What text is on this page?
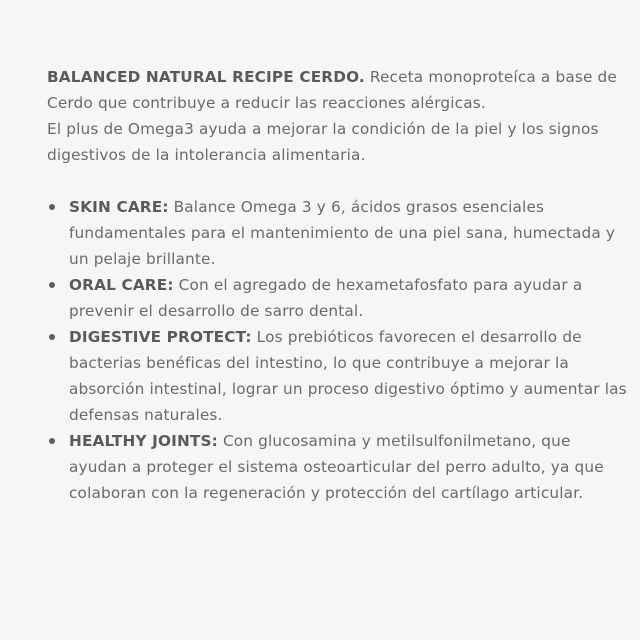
BALANCED NATURAL RECIPE CERDO. Receta monoproteíca a base de Cerdo que contribuye a reducir las reacciones alérgicas.

El plus de Omega3 ayuda a mejorar la condición de la piel y los signos digestivos de la intolerancia alimentaria.

SKIN CARE: Balance Omega 3 y 6, ácidos grasos esenciales fundamentales para el mantenimiento de una piel sana, humectada y un pelaje brillante.
ORAL CARE: Con el agregado de hexametafosfato para ayudar a prevenir el desarrollo de sarro dental.
DIGESTIVE PROTECT: Los prebióticos favorecen el desarrollo de bacterias benéficas del intestino, lo que contribuye a mejorar la absorción intestinal, lograr un proceso digestivo óptimo y aumentar las defensas naturales.
HEALTHY JOINTS: Con glucosamina y metilsulfonilmetano, que ayudan a proteger el sistema osteoarticular del perro adulto, ya que colaboran con la regeneración y protección del cartílago articular.
